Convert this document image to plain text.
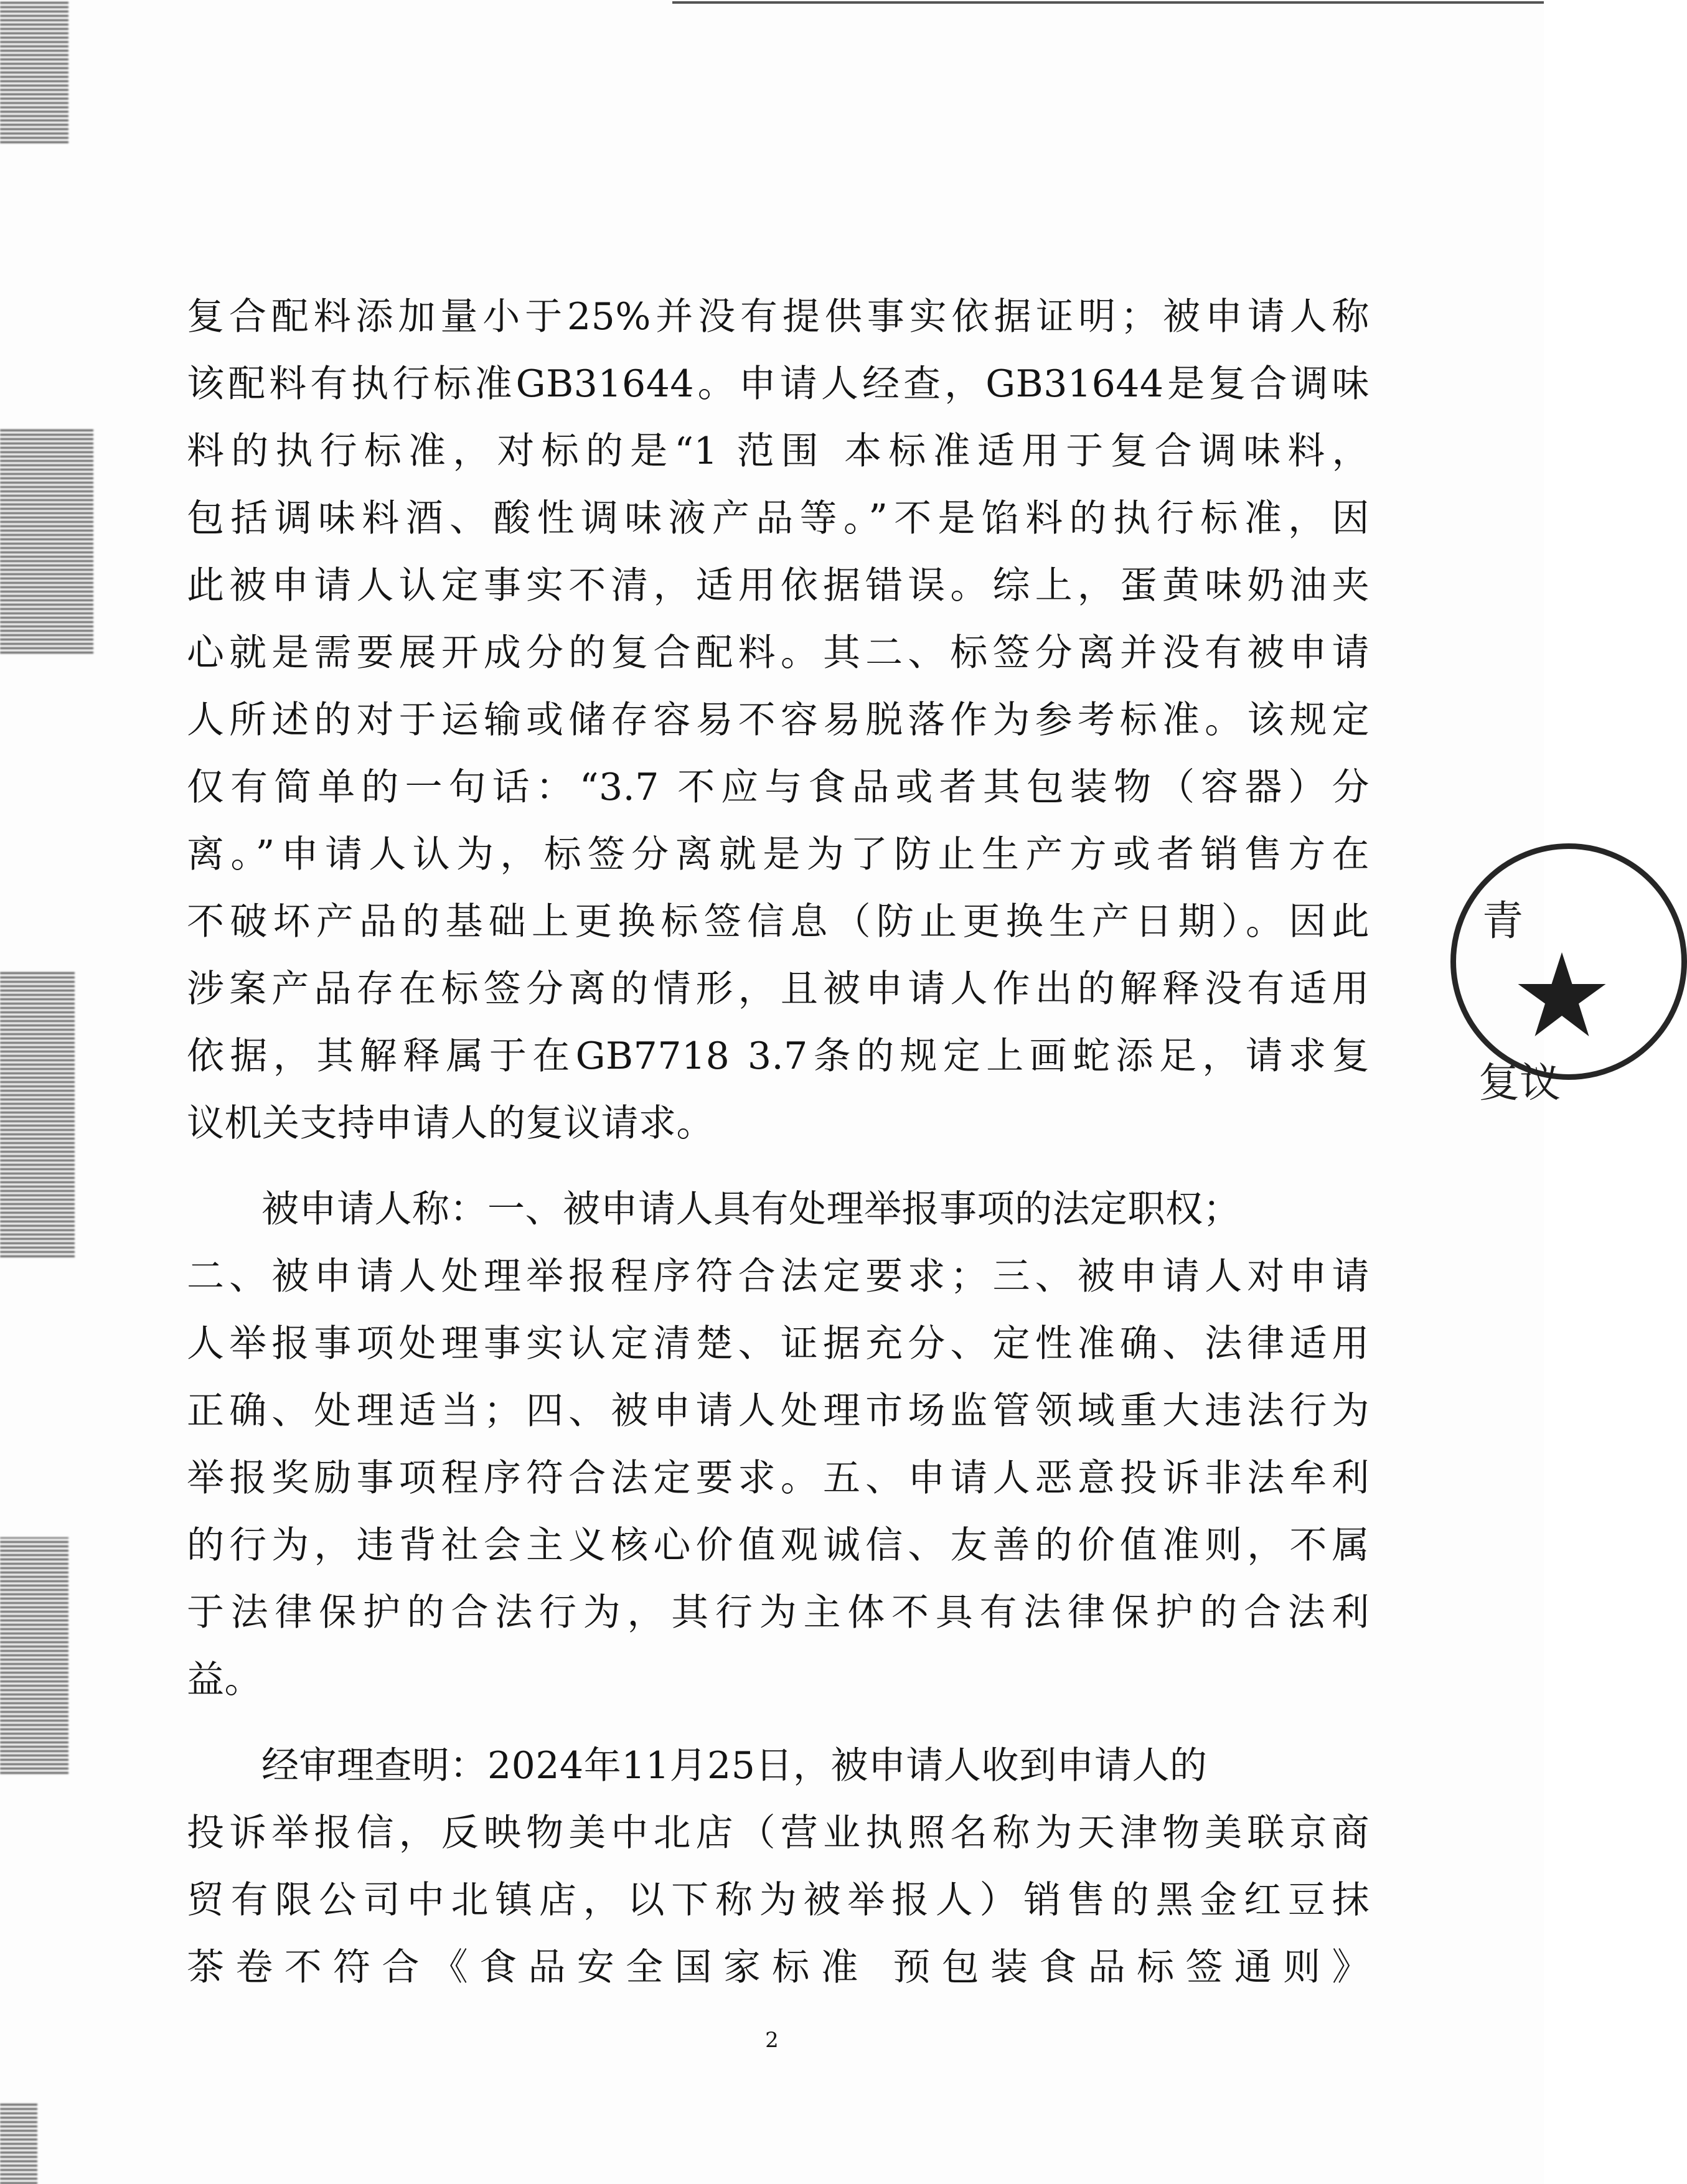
复合配料添加量小于25%并没有提供事实依据证明；被申请人称
该配料有执行标准GB31644。申请人经查，GB31644是复合调味
料的执行标准，对标的是“1 范围 本标准适用于复合调味料，
包括调味料酒、酸性调味液产品等。”不是馅料的执行标准，因
此被申请人认定事实不清，适用依据错误。综上，蛋黄味奶油夹
心就是需要展开成分的复合配料。其二、标签分离并没有被申请
人所述的对于运输或储存容易不容易脱落作为参考标准。该规定
仅有简单的一句话：“3.7 不应与食品或者其包装物（容器）分
离。”申请人认为，标签分离就是为了防止生产方或者销售方在
不破坏产品的基础上更换标签信息（防止更换生产日期）。因此
涉案产品存在标签分离的情形，且被申请人作出的解释没有适用
依据，其解释属于在GB7718 3.7条的规定上画蛇添足，请求复
议机关支持申请人的复议请求。
被申请人称：一、被申请人具有处理举报事项的法定职权；
二、被申请人处理举报程序符合法定要求；三、被申请人对申请
人举报事项处理事实认定清楚、证据充分、定性准确、法律适用
正确、处理适当；四、被申请人处理市场监管领域重大违法行为
举报奖励事项程序符合法定要求。五、申请人恶意投诉非法牟利
的行为，违背社会主义核心价值观诚信、友善的价值准则，不属
于法律保护的合法行为，其行为主体不具有法律保护的合法利
益。
经审理查明：2024年11月25日，被申请人收到申请人的
投诉举报信，反映物美中北店（营业执照名称为天津物美联京商
贸有限公司中北镇店，以下称为被举报人）销售的黑金红豆抹
茶卷不符合《食品安全国家标准 预包装食品标签通则》
青
复议
2
